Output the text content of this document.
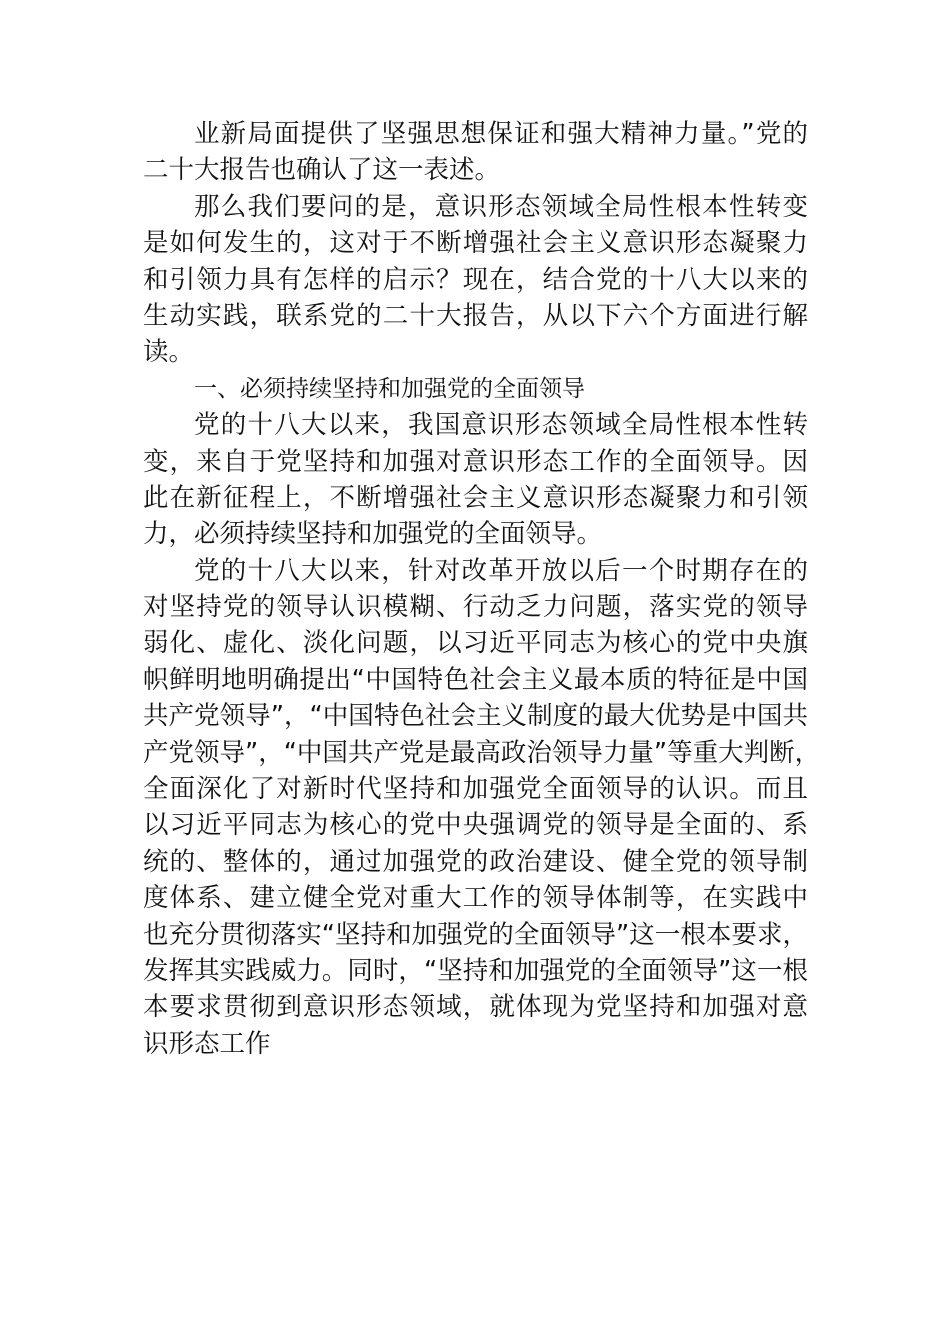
业新局面提供了坚强思想保证和强大精神力量。”党的
二十大报告也确认了这一表述。
那么我们要问的是，意识形态领域全局性根本性转变
是如何发生的，这对于不断增强社会主义意识形态凝聚力
和引领力具有怎样的启示？现在，结合党的十八大以来的
生动实践，联系党的二十大报告，从以下六个方面进行解
读。
一、必须持续坚持和加强党的全面领导
党的十八大以来，我国意识形态领域全局性根本性转
变，来自于党坚持和加强对意识形态工作的全面领导。因
此在新征程上，不断增强社会主义意识形态凝聚力和引领
力，必须持续坚持和加强党的全面领导。
党的十八大以来，针对改革开放以后一个时期存在的
对坚持党的领导认识模糊、行动乏力问题，落实党的领导
弱化、虚化、淡化问题，以习近平同志为核心的党中央旗
帜鲜明地明确提出“中国特色社会主义最本质的特征是中国
共产党领导”，“中国特色社会主义制度的最大优势是中国共
产党领导”，“中国共产党是最高政治领导力量”等重大判断，
全面深化了对新时代坚持和加强党全面领导的认识。而且
以习近平同志为核心的党中央强调党的领导是全面的、系
统的、整体的，通过加强党的政治建设、健全党的领导制
度体系、建立健全党对重大工作的领导体制等，在实践中
也充分贯彻落实“坚持和加强党的全面领导”这一根本要求，
发挥其实践威力。同时，“坚持和加强党的全面领导”这一根
本要求贯彻到意识形态领域，就体现为党坚持和加强对意
识形态工作
